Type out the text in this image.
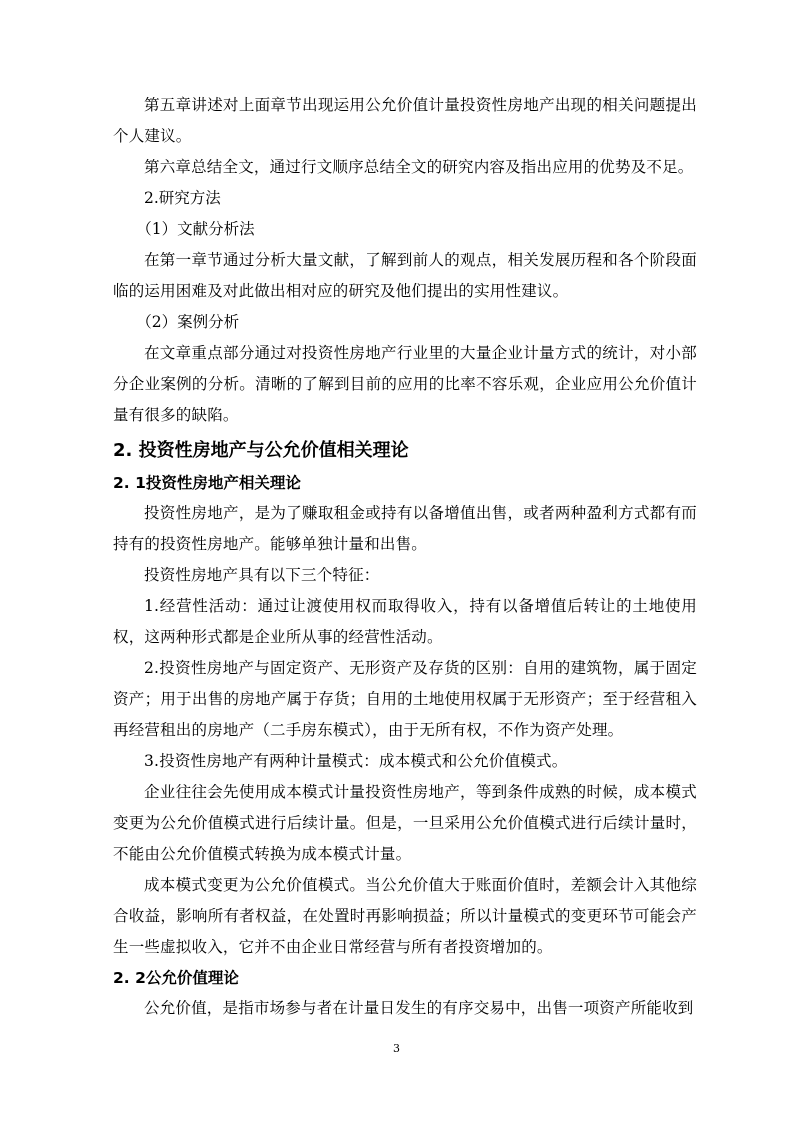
第五章讲述对上面章节出现运用公允价值计量投资性房地产出现的相关问题提出个人建议。

第六章总结全文，通过行文顺序总结全文的研究内容及指出应用的优势及不足。

2.研究方法

（1）文献分析法

在第一章节通过分析大量文献，了解到前人的观点，相关发展历程和各个阶段面临的运用困难及对此做出相对应的研究及他们提出的实用性建议。

（2）案例分析

在文章重点部分通过对投资性房地产行业里的大量企业计量方式的统计，对小部分企业案例的分析。清晰的了解到目前的应用的比率不容乐观，企业应用公允价值计量有很多的缺陷。

2. 投资性房地产与公允价值相关理论
2. 1投资性房地产相关理论

投资性房地产，是为了赚取租金或持有以备增值出售，或者两种盈利方式都有而持有的投资性房地产。能够单独计量和出售。

投资性房地产具有以下三个特征：

1.经营性活动：通过让渡使用权而取得收入，持有以备增值后转让的土地使用权，这两种形式都是企业所从事的经营性活动。

2.投资性房地产与固定资产、无形资产及存货的区别：自用的建筑物，属于固定资产；用于出售的房地产属于存货；自用的土地使用权属于无形资产；至于经营租入再经营租出的房地产（二手房东模式），由于无所有权，不作为资产处理。

3.投资性房地产有两种计量模式：成本模式和公允价值模式。

企业往往会先使用成本模式计量投资性房地产，等到条件成熟的时候，成本模式变更为公允价值模式进行后续计量。但是，一旦采用公允价值模式进行后续计量时，不能由公允价值模式转换为成本模式计量。

成本模式变更为公允价值模式。当公允价值大于账面价值时，差额会计入其他综合收益，影响所有者权益，在处置时再影响损益；所以计量模式的变更环节可能会产生一些虚拟收入，它并不由企业日常经营与所有者投资增加的。

2. 2公允价值理论

公允价值，是指市场参与者在计量日发生的有序交易中，出售一项资产所能收到

3
